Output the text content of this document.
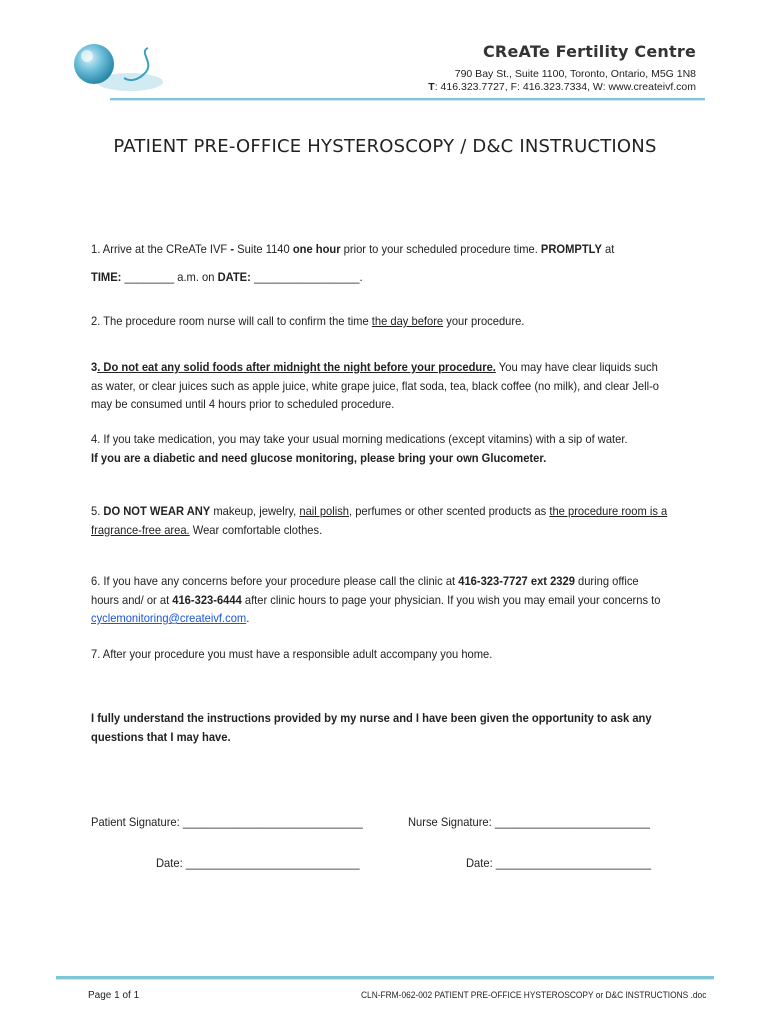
CReATe Fertility Centre
790 Bay St., Suite 1100, Toronto, Ontario, M5G 1N8
T: 416.323.7727, F: 416.323.7334, W: www.createivf.com
PATIENT PRE-OFFICE HYSTEROSCOPY / D&C INSTRUCTIONS
1. Arrive at the CReATe IVF - Suite 1140 one hour prior to your scheduled procedure time. PROMPTLY at
TIME: ________ a.m. on DATE: _________________.
2. The procedure room nurse will call to confirm the time the day before your procedure.
3. Do not eat any solid foods after midnight the night before your procedure. You may have clear liquids such as water, or clear juices such as apple juice, white grape juice, flat soda, tea, black coffee (no milk), and clear Jell-o may be consumed until 4 hours prior to scheduled procedure.
4. If you take medication, you may take your usual morning medications (except vitamins) with a sip of water.
If you are a diabetic and need glucose monitoring, please bring your own Glucometer.
5. DO NOT WEAR ANY makeup, jewelry, nail polish, perfumes or other scented products as the procedure room is a fragrance-free area. Wear comfortable clothes.
6. If you have any concerns before your procedure please call the clinic at 416-323-7727 ext 2329 during office hours and/ or at 416-323-6444 after clinic hours to page your physician. If you wish you may email your concerns to cyclemonitoring@createivf.com.
7. After your procedure you must have a responsible adult accompany you home.
I fully understand the instructions provided by my nurse and I have been given the opportunity to ask any questions that I may have.
Patient Signature: _____________________________	Nurse Signature: _________________________
Date: ____________________________	Date: _________________________
Page 1 of 1	CLN-FRM-062-002 PATIENT PRE-OFFICE HYSTEROSCOPY or D&C INSTRUCTIONS .doc
